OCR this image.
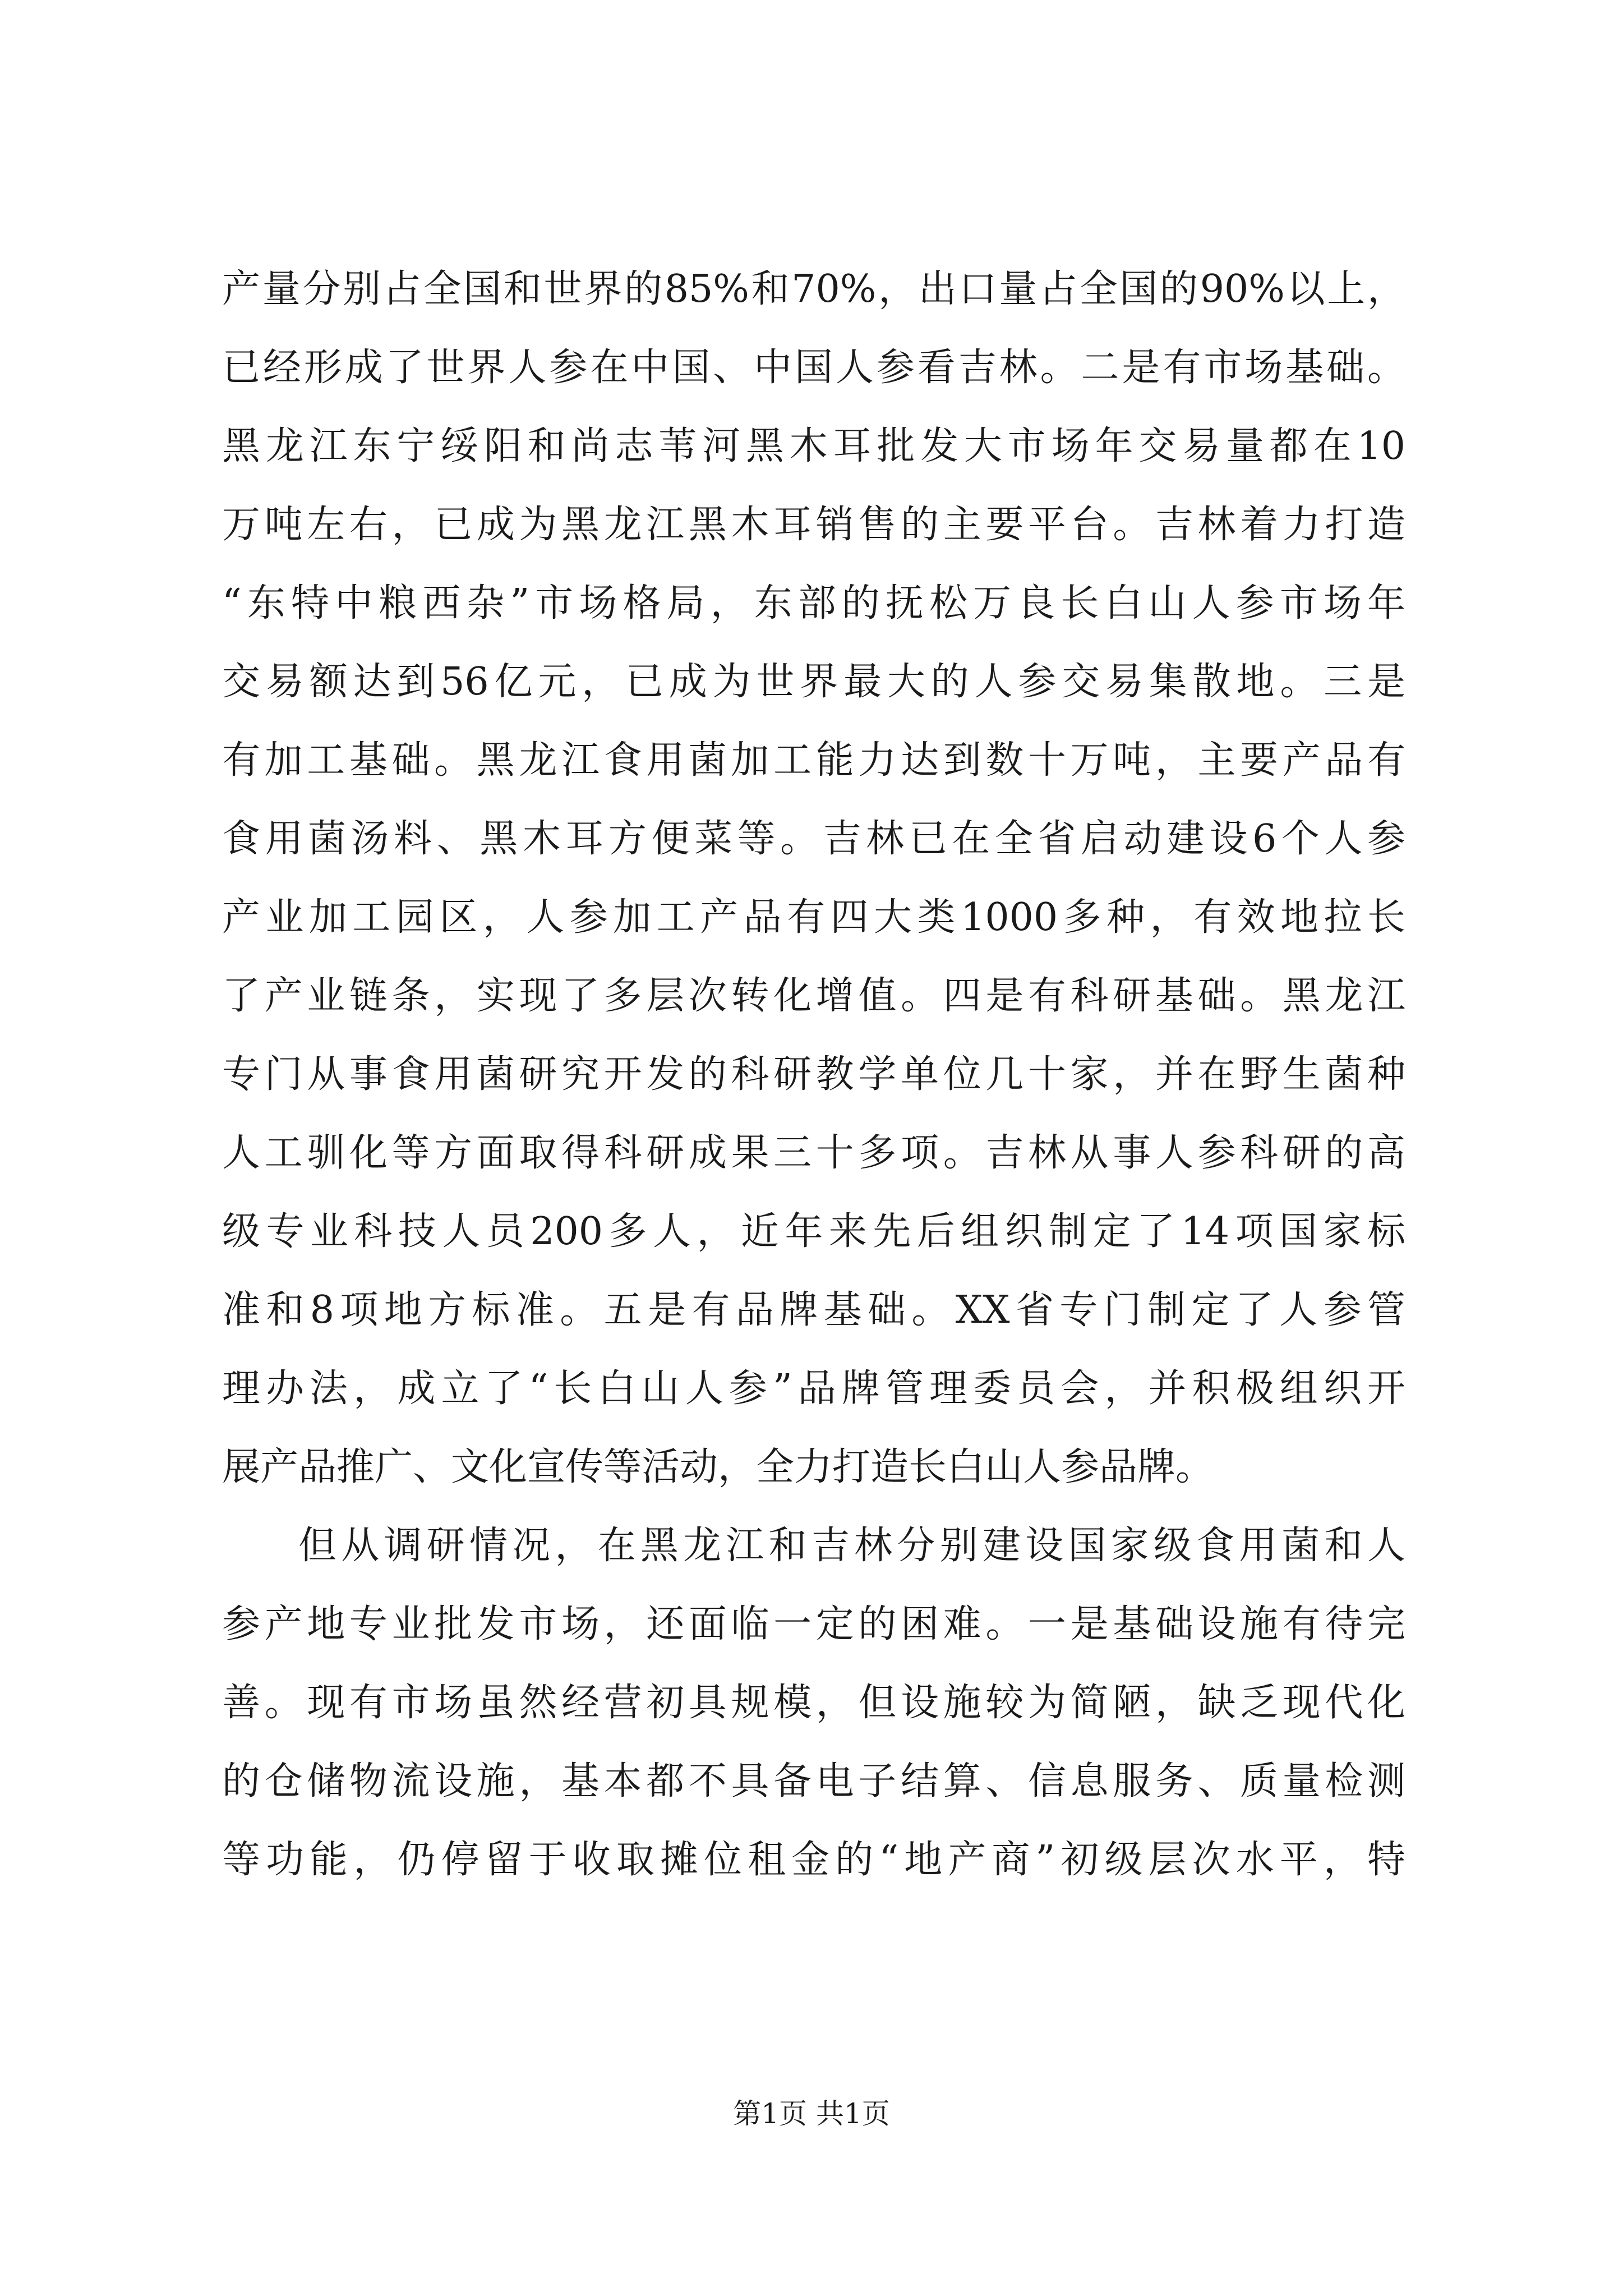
产量分别占全国和世界的85%和70%，出口量占全国的90%以上，
已经形成了世界人参在中国、中国人参看吉林。二是有市场基础。
黑龙江东宁绥阳和尚志苇河黑木耳批发大市场年交易量都在10
万吨左右，已成为黑龙江黑木耳销售的主要平台。吉林着力打造
“东特中粮西杂”市场格局，东部的抚松万良长白山人参市场年
交易额达到56亿元，已成为世界最大的人参交易集散地。三是
有加工基础。黑龙江食用菌加工能力达到数十万吨，主要产品有
食用菌汤料、黑木耳方便菜等。吉林已在全省启动建设6个人参
产业加工园区，人参加工产品有四大类1000多种，有效地拉长
了产业链条，实现了多层次转化增值。四是有科研基础。黑龙江
专门从事食用菌研究开发的科研教学单位几十家，并在野生菌种
人工驯化等方面取得科研成果三十多项。吉林从事人参科研的高
级专业科技人员200多人，近年来先后组织制定了14项国家标
准和8项地方标准。五是有品牌基础。XX省专门制定了人参管
理办法，成立了“长白山人参”品牌管理委员会，并积极组织开
展产品推广、文化宣传等活动，全力打造长白山人参品牌。
但从调研情况，在黑龙江和吉林分别建设国家级食用菌和人
参产地专业批发市场，还面临一定的困难。一是基础设施有待完
善。现有市场虽然经营初具规模，但设施较为简陋，缺乏现代化
的仓储物流设施，基本都不具备电子结算、信息服务、质量检测
等功能，仍停留于收取摊位租金的“地产商”初级层次水平，特
第1页 共1页
